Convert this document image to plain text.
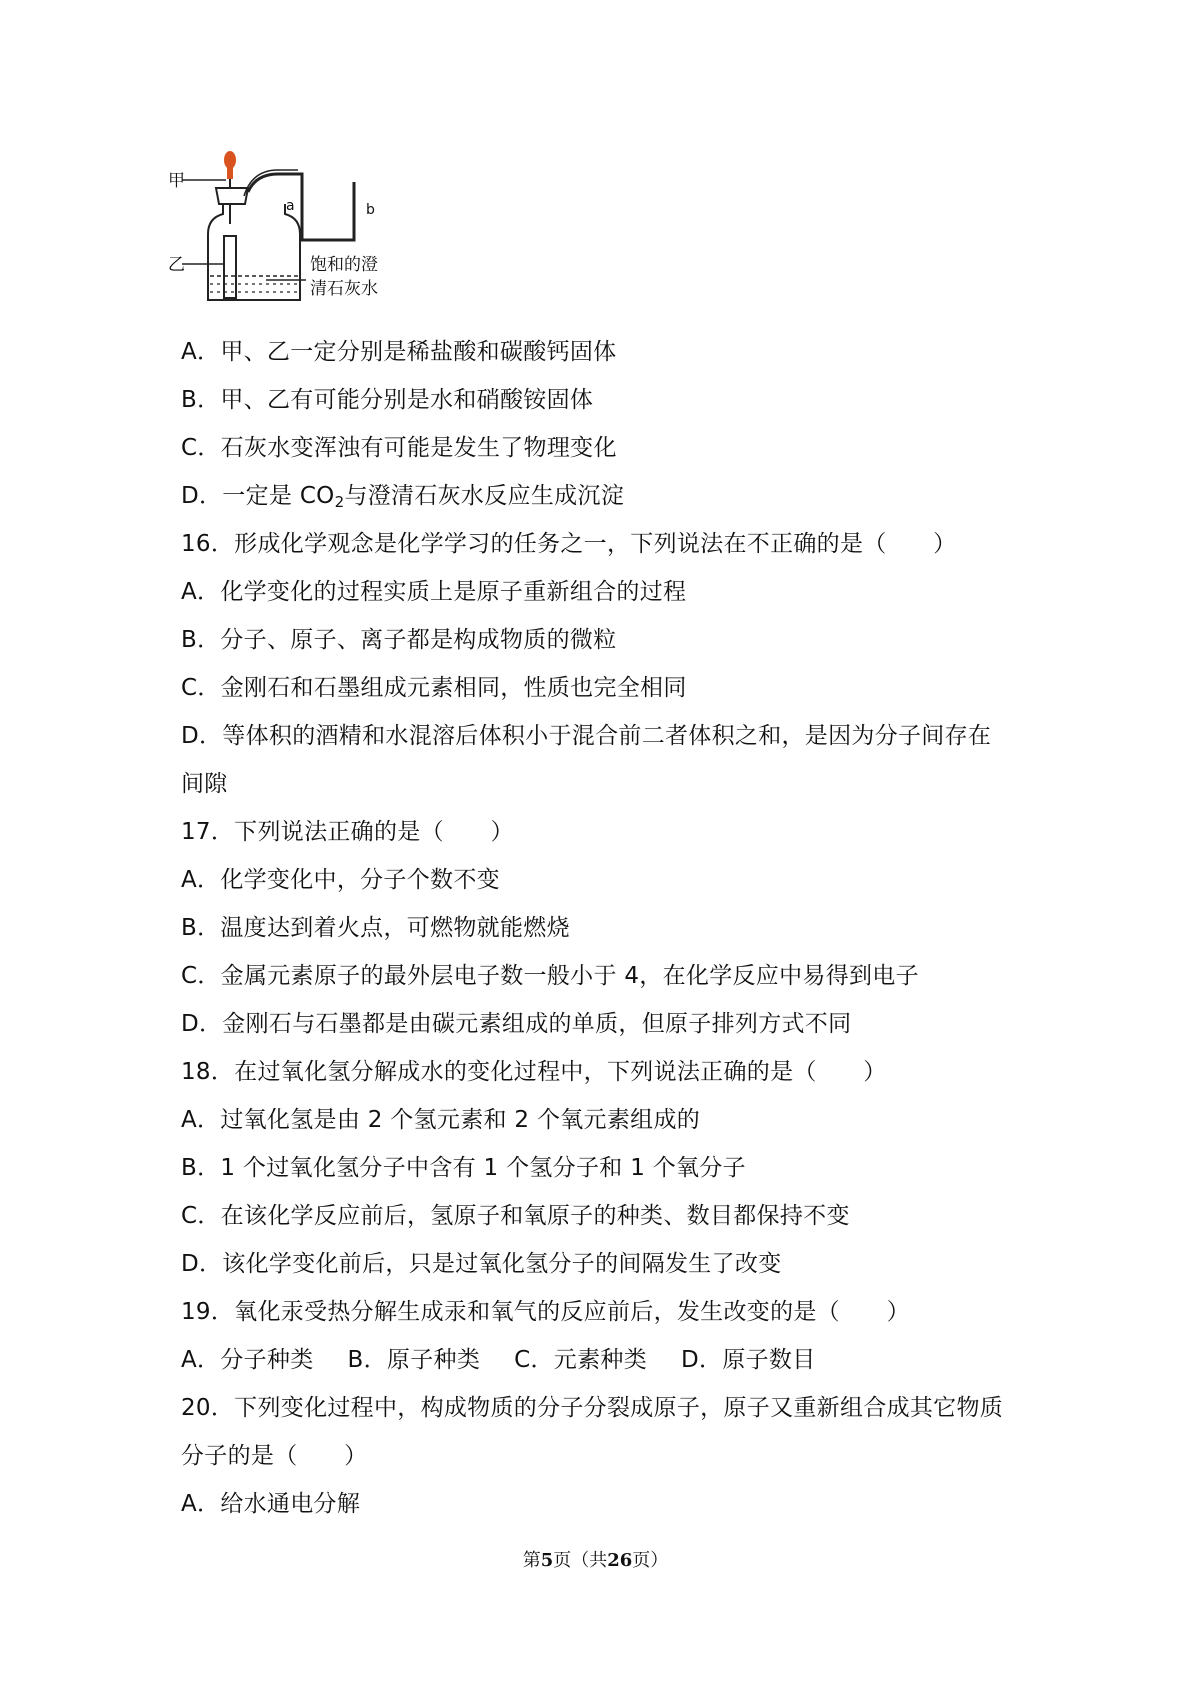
甲
乙
a	b
饱和的澄
清石灰水
A．甲、乙一定分别是稀盐酸和碳酸钙固体
B．甲、乙有可能分别是水和硝酸铵固体
C．石灰水变浑浊有可能是发生了物理变化
D．一定是 $CO_2$与澄清石灰水反应生成沉淀
16．形成化学观念是化学学习的任务之一，下列说法在不正确的是（　　）
A．化学变化的过程实质上是原子重新组合的过程
B．分子、原子、离子都是构成物质的微粒
C．金刚石和石墨组成元素相同，性质也完全相同
D．等体积的酒精和水混溶后体积小于混合前二者体积之和，是因为分子间存在
间隙
17．下列说法正确的是（　　）
A．化学变化中，分子个数不变
B．温度达到着火点，可燃物就能燃烧
C．金属元素原子的最外层电子数一般小于 4，在化学反应中易得到电子
D．金刚石与石墨都是由碳元素组成的单质，但原子排列方式不同
18．在过氧化氢分解成水的变化过程中，下列说法正确的是（　　）
A．过氧化氢是由 2 个氢元素和 2 个氧元素组成的
B．1 个过氧化氢分子中含有 1 个氢分子和 1 个氧分子
C．在该化学反应前后，氢原子和氧原子的种类、数目都保持不变
D．该化学变化前后，只是过氧化氢分子的间隔发生了改变
19．氧化汞受热分解生成汞和氧气的反应前后，发生改变的是（　　）
A．分子种类 B．原子种类 C．元素种类 D．原子数目
20．下列变化过程中，构成物质的分子分裂成原子，原子又重新组合成其它物质
分子的是（　　）
A．给水通电分解
第5页（共26页）
